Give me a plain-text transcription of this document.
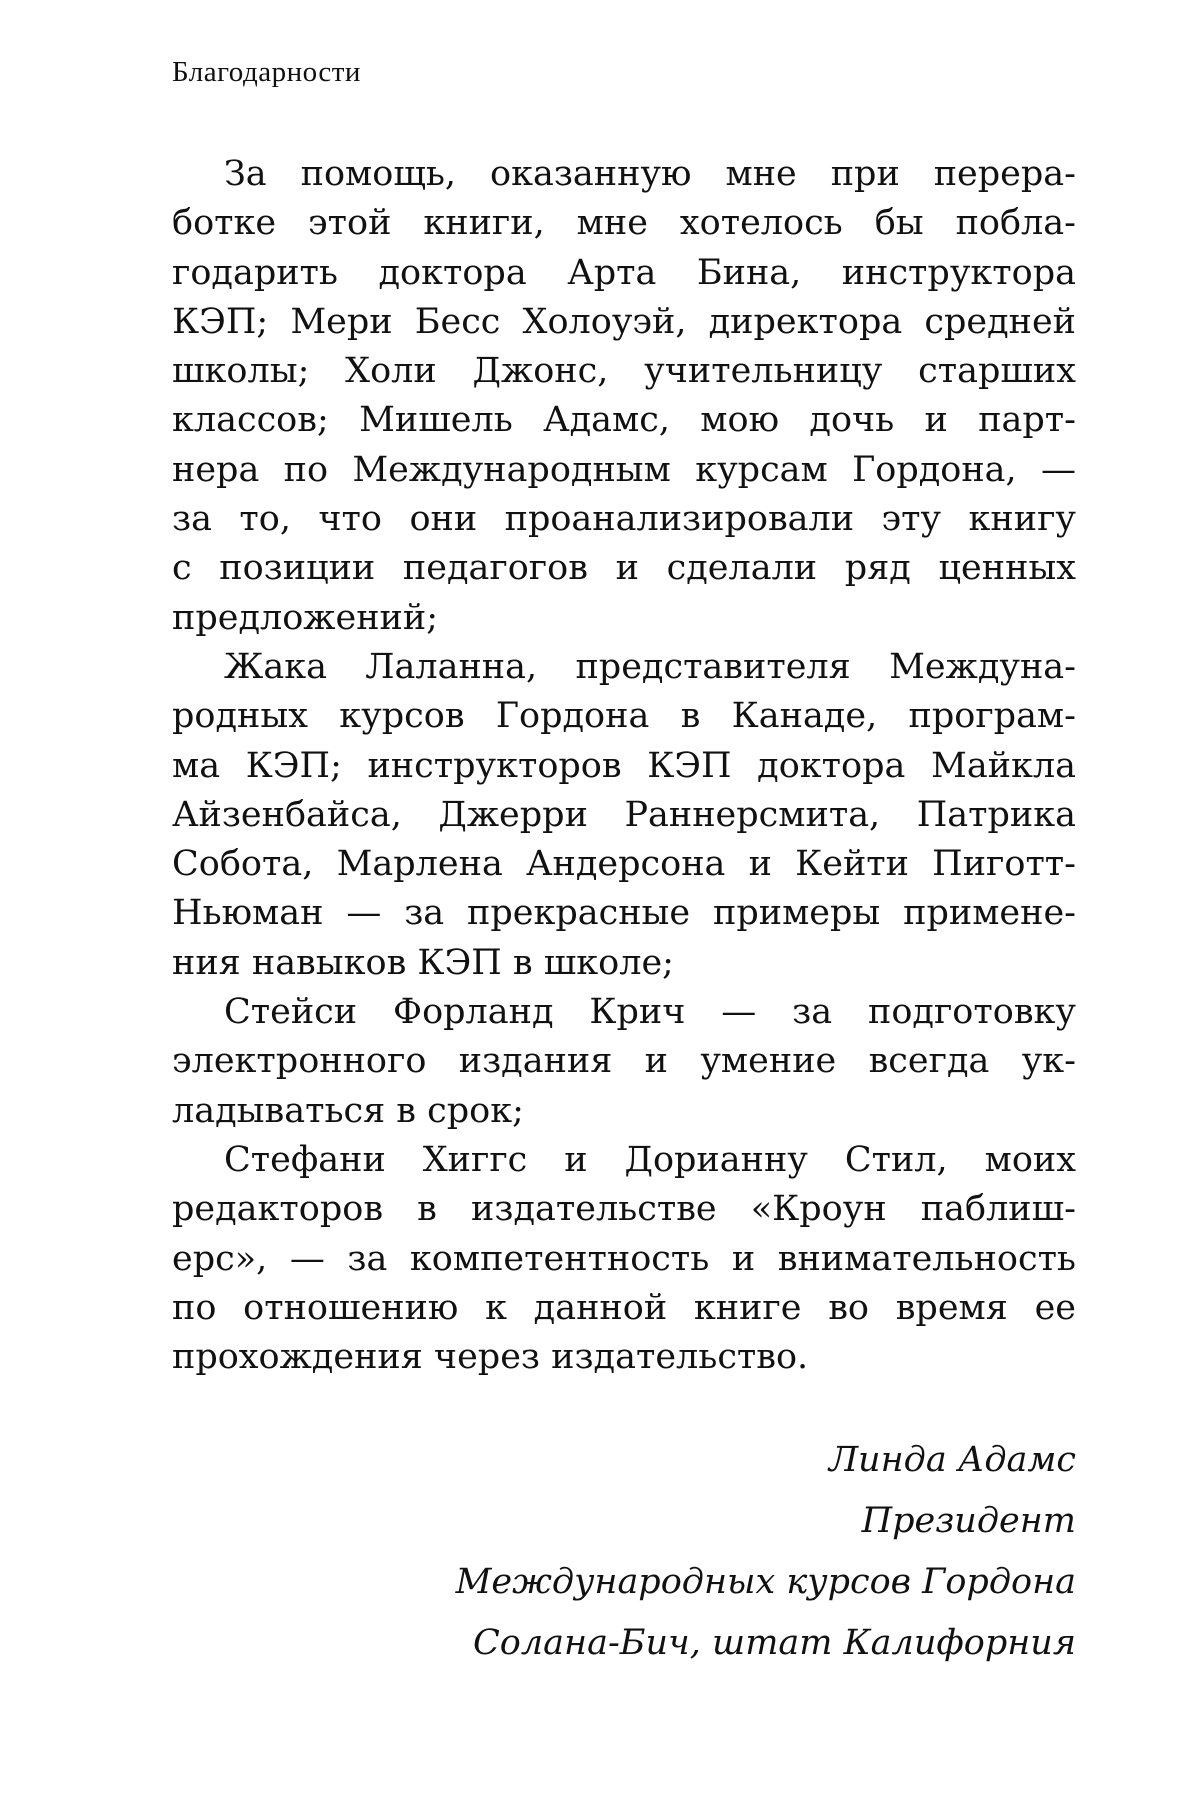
Благодарности
За помощь, оказанную мне при перера-
ботке этой книги, мне хотелось бы побла-
годарить доктора Арта Бина, инструктора
КЭП; Мери Бесс Холоуэй, директора средней
школы; Холи Джонс, учительницу старших
классов; Мишель Адамс, мою дочь и парт-
нера по Международным курсам Гордона, —
за то, что они проанализировали эту книгу
с позиции педагогов и сделали ряд ценных
предложений;
Жака Лаланна, представителя Междуна-
родных курсов Гордона в Канаде, програм-
ма КЭП; инструкторов КЭП доктора Майкла
Айзенбайса, Джерри Раннерсмита, Патрика
Собота, Марлена Андерсона и Кейти Пиготт-
Ньюман — за прекрасные примеры примене-
ния навыков КЭП в школе;
Стейси Форланд Крич — за подготовку
электронного издания и умение всегда ук-
ладываться в срок;
Стефани Хиггс и Дорианну Стил, моих
редакторов в издательстве «Кроун паблиш-
ерс», — за компетентность и внимательность
по отношению к данной книге во время ее
прохождения через издательство.
Линда Адамс
Президент
Международных курсов Гордона
Солана-Бич, штат Калифорния
